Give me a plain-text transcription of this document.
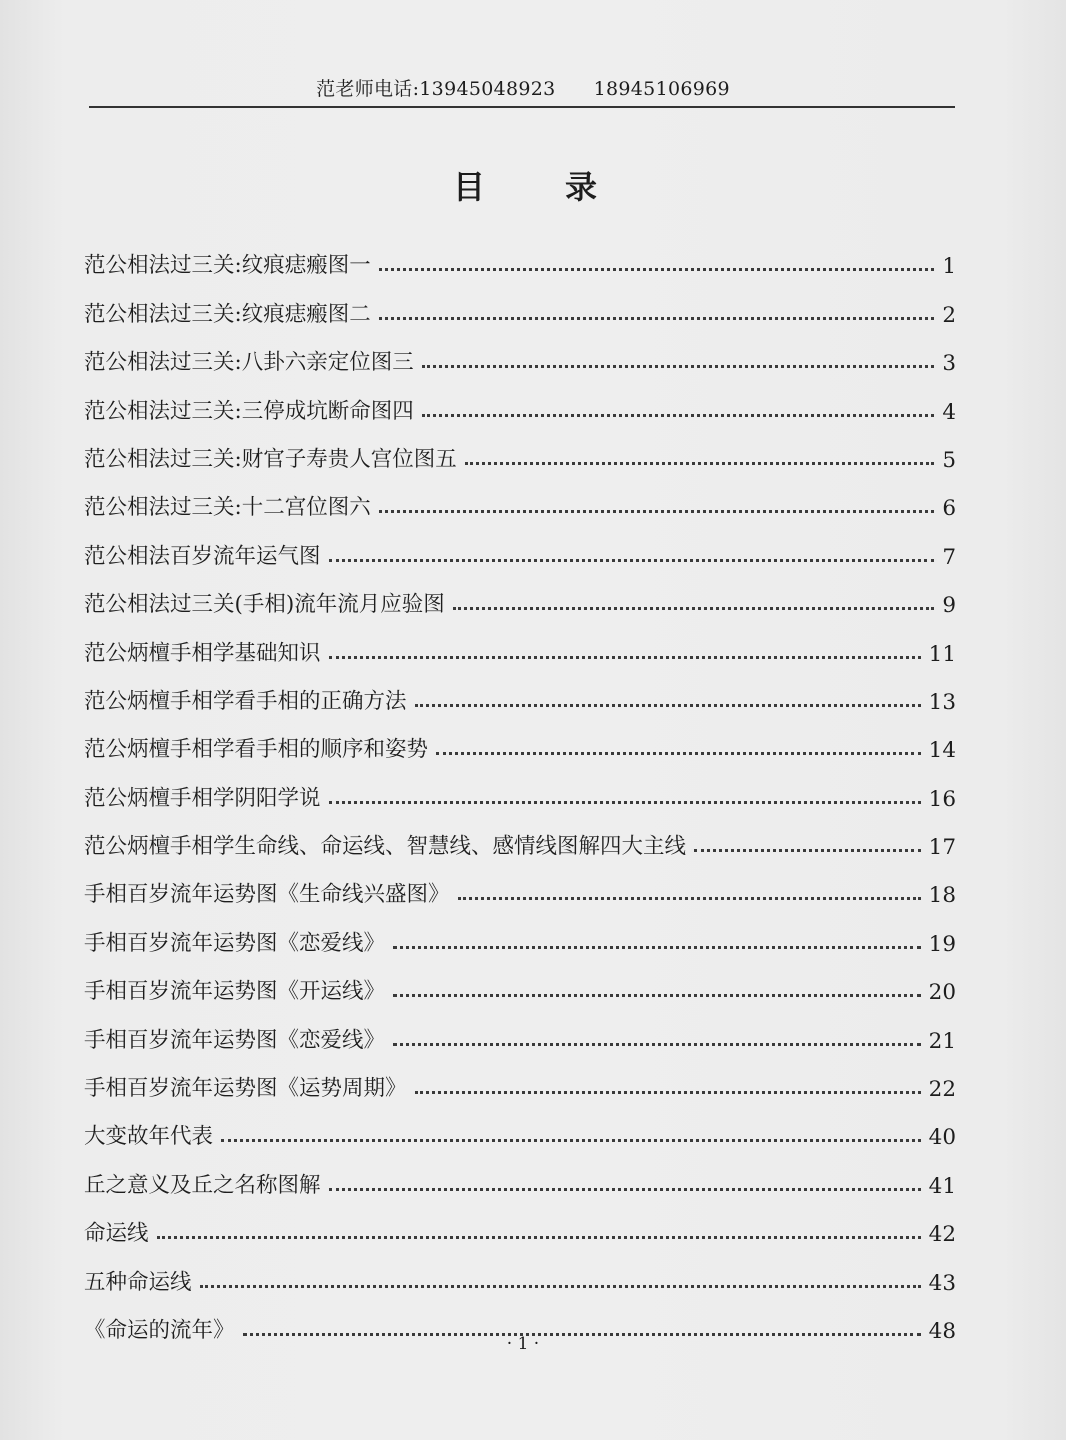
范老师电话:13945048923 18945106969
目录
范公相法过三关:纹痕痣瘢图一	1
范公相法过三关:纹痕痣瘢图二	2
范公相法过三关:八卦六亲定位图三	3
范公相法过三关:三停成坑断命图四	4
范公相法过三关:财官子寿贵人宫位图五	5
范公相法过三关:十二宫位图六	6
范公相法百岁流年运气图	7
范公相法过三关(手相)流年流月应验图	9
范公炳檀手相学基础知识	11
范公炳檀手相学看手相的正确方法	13
范公炳檀手相学看手相的顺序和姿势	14
范公炳檀手相学阴阳学说	16
范公炳檀手相学生命线、命运线、智慧线、感情线图解四大主线	17
手相百岁流年运势图《生命线兴盛图》	18
手相百岁流年运势图《恋爱线》	19
手相百岁流年运势图《开运线》	20
手相百岁流年运势图《恋爱线》	21
手相百岁流年运势图《运势周期》	22
大变故年代表	40
丘之意义及丘之名称图解	41
命运线	42
五种命运线	43
《命运的流年》	48
· 1 ·
